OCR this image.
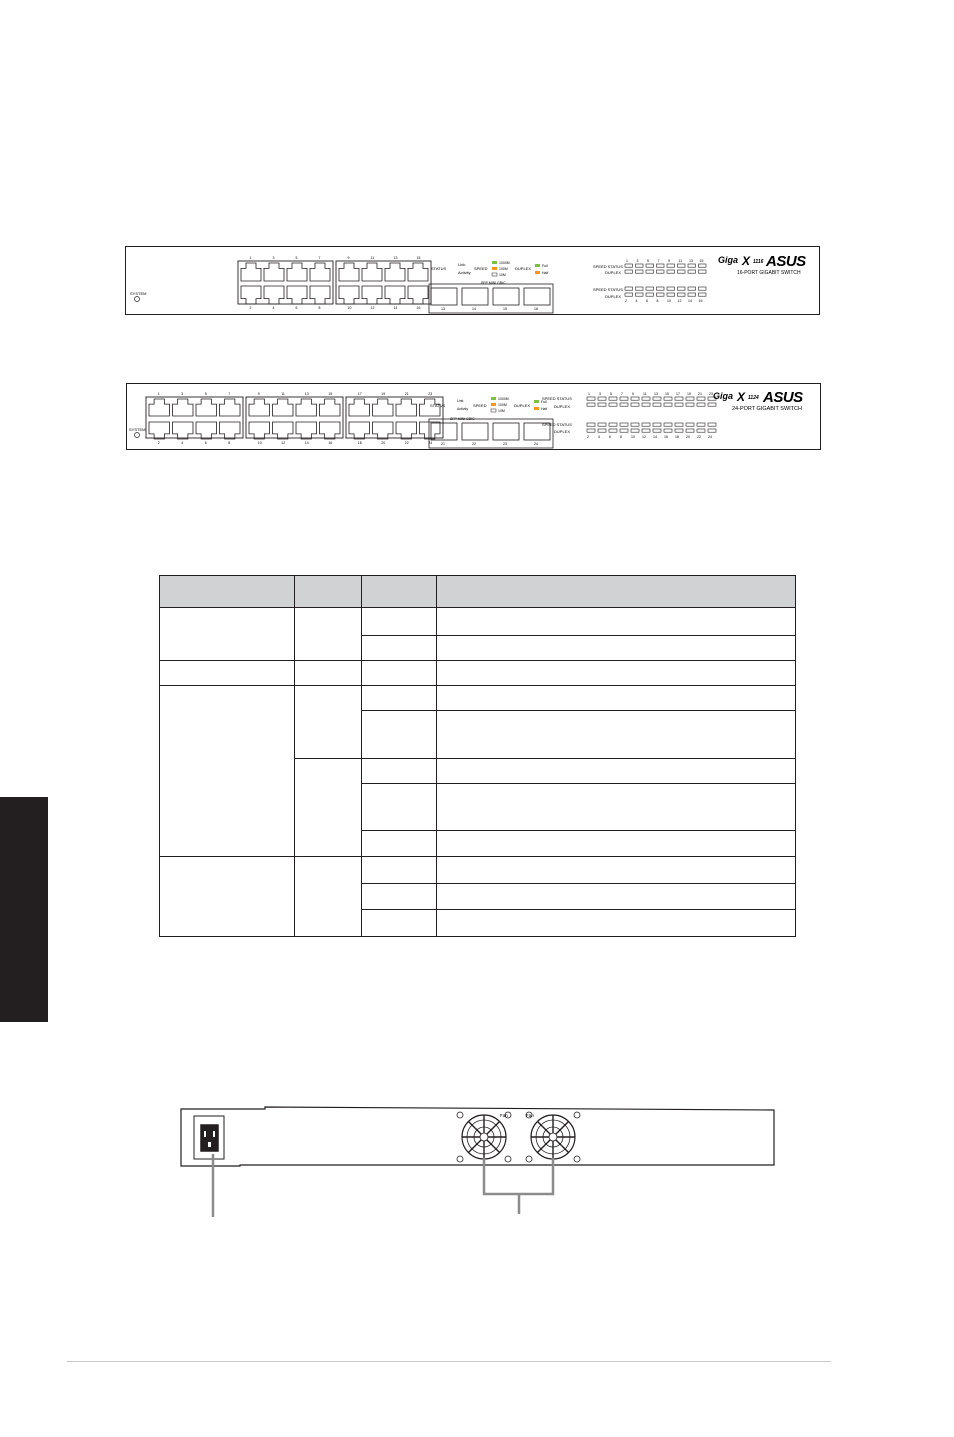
SYSTEM
1
2
3
4
5
6
7
8
9
10
11
12
13
14
15
16	13	14	15	16
STATUS
Link
Activity
SPEED
1000M
100M
10M
DUPLEX	Full
Half
SFP MINI GBIC
SPEED STATUS
DUPLEX
SPEED STATUS
DUPLEX
1
2
3
4
5
6
7
8
9
10
11
12
13
14
15
16
Giga X 1116 ASUS
16-PORT GIGABIT SWITCH
SYSTEM
1
2
3
4
5
6
7
8
9
10
11
12
13
14
15
16
17
18
19
20
21
22
23
24	21	22	23	24
STATUS
Link
Activity
SPEED
1000M
100M
10M
DUPLEX
Full
Half
SFP MINI GBIC
SPEED STATUS
DUPLEX
SPEED STATUS
DUPLEX
1
2
3
4
5
6
7
8
9
10
11
12
13
14
15
16
17
18
19
20
21
22
23
24
Giga X 1124 ASUS
24-PORT GIGABIT SWITCH

Fan	Fan
